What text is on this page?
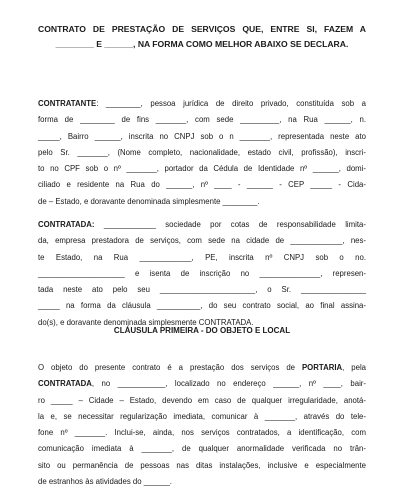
CONTRATO DE PRESTAÇÃO DE SERVIÇOS QUE, ENTRE SI, FAZEM A
________ E ______, NA FORMA COMO MELHOR ABAIXO SE DECLARA.
CONTRATANTE: ________, pessoa jurídica de direito privado, constituída sob a
forma de ________ de fins _______, com sede _________, na Rua ______, n.
_____, Bairro ______, inscrita no CNPJ sob o n _______, representada neste ato
pelo Sr. _______, (Nome completo, nacionalidade, estado civil, profissão), inscri-
to no CPF sob o nº _______, portador da Cédula de Identidade nº ______, domi-
ciliado e residente na Rua do ______, nº ____ - ______ - CEP _____ - Cida-
de – Estado, e doravante denominada simplesmente ________.
CONTRATADA: ____________ sociedade por cotas de responsabilidade limita-
da, empresa prestadora de serviços, com sede na cidade de ____________, nes-
te Estado, na Rua ____________, PE, inscrita nº CNPJ sob o no.
____________________ e isenta de inscrição no ______________, represen-
tada neste ato pelo seu ______________________, o Sr. _______________
_____ na forma da cláusula __________, do seu contrato social, ao final assina-
do(s), e doravante denominada simplesmente CONTRATADA.
CLÁUSULA PRIMEIRA - DO OBJETO E LOCAL
O objeto do presente contrato é a prestação dos serviços de PORTARIA, pela
CONTRATADA, no ___________, localizado no endereço ______, nº ____, bair-
ro _____ – Cidade – Estado, devendo em caso de qualquer irregularidade, anotá-
la e, se necessitar regularização imediata, comunicar à _______, através do tele-
fone nº _______. Inclui-se, ainda, nos serviços contratados, a identificação, com
comunicação imediata à _______, de qualquer anormalidade verificada no trân-
sito ou permanência de pessoas nas ditas instalações, inclusive e especialmente
de estranhos às atividades do ______.
